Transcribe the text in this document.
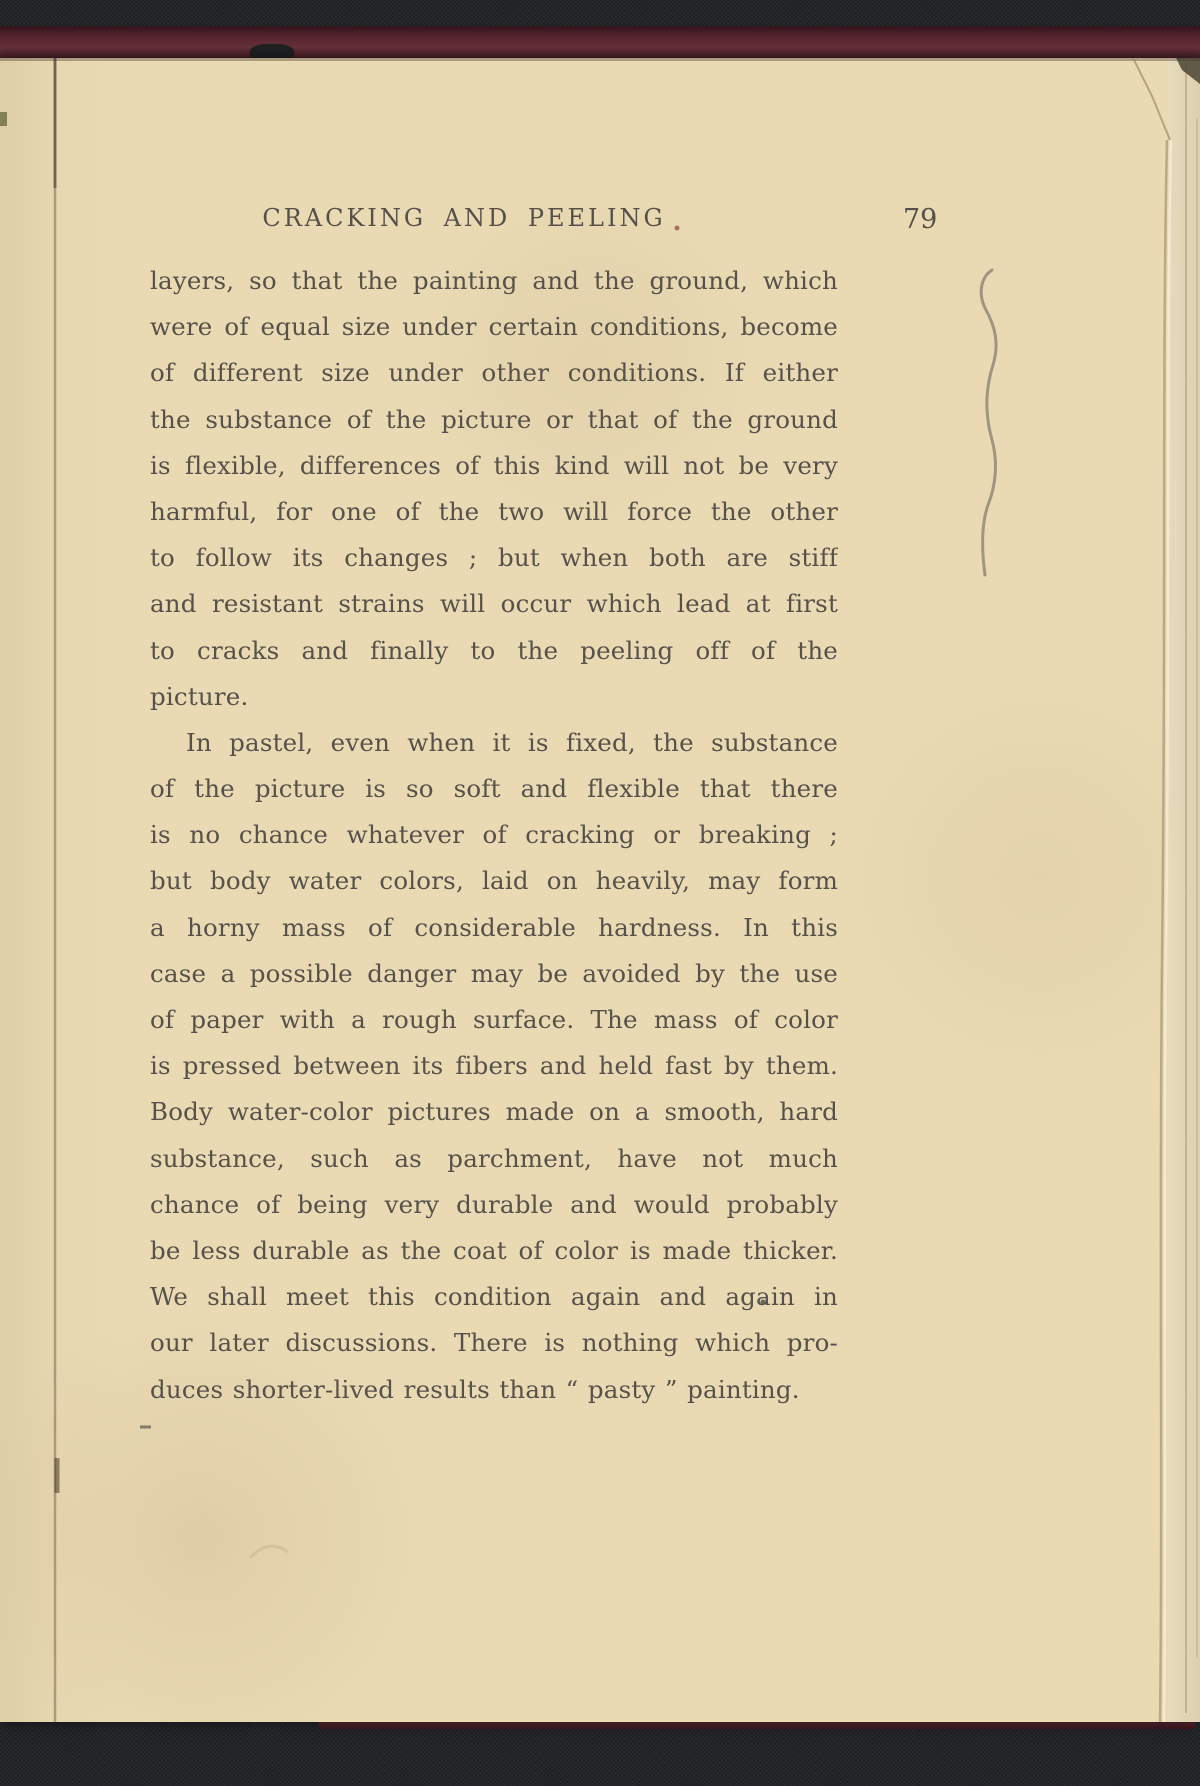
CRACKING AND PEELING	79
layers, so that the painting and the ground, which
were of equal size under certain conditions, become
of different size under other conditions. If either
the substance of the picture or that of the ground
is flexible, differences of this kind will not be very
harmful, for one of the two will force the other
to follow its changes ; but when both are stiff
and resistant strains will occur which lead at first
to cracks and finally to the peeling off of the
picture.
In pastel, even when it is fixed, the substance
of the picture is so soft and flexible that there
is no chance whatever of cracking or breaking ;
but body water colors, laid on heavily, may form
a horny mass of considerable hardness. In this
case a possible danger may be avoided by the use
of paper with a rough surface. The mass of color
is pressed between its fibers and held fast by them.
Body water-color pictures made on a smooth, hard
substance, such as parchment, have not much
chance of being very durable and would probably
be less durable as the coat of color is made thicker.
We shall meet this condition again and again in
our later discussions. There is nothing which pro-
duces shorter-lived results than “ pasty ” painting.
